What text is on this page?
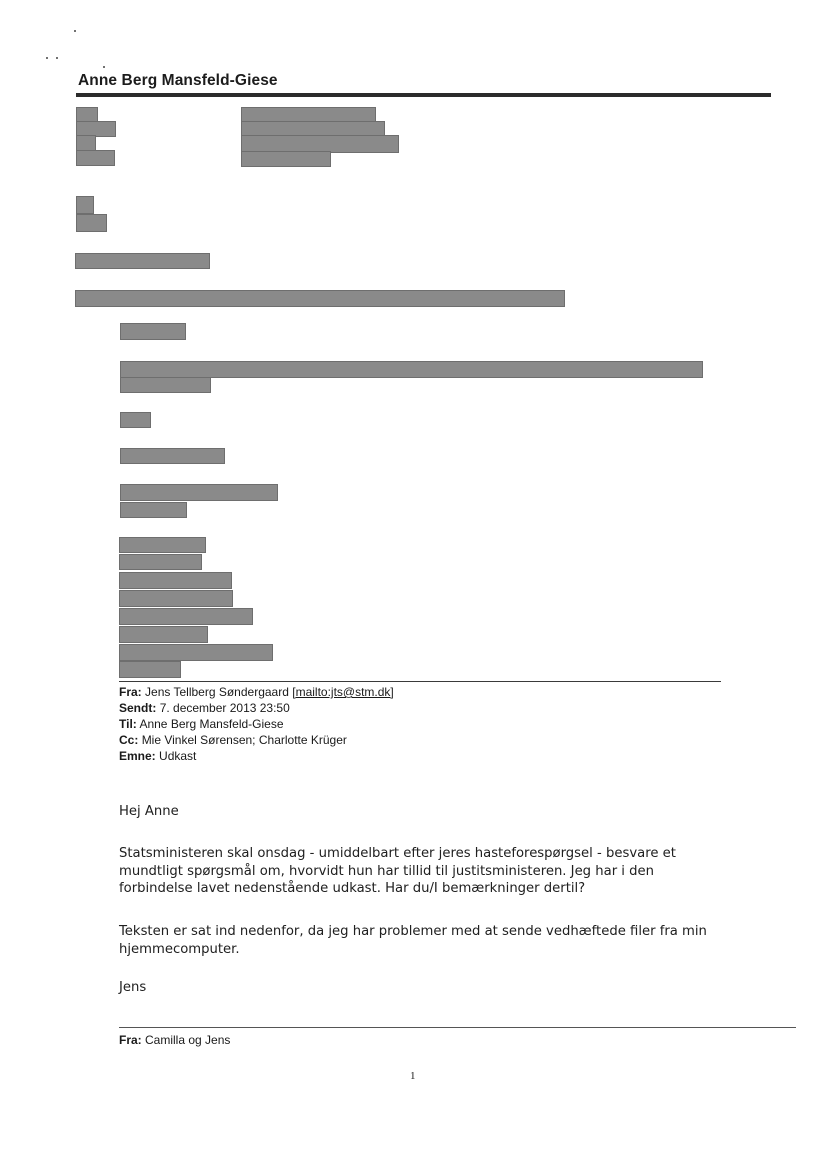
Anne Berg Mansfeld-Giese
Fra: Jens Tellberg Søndergaard [mailto:jts@stm.dk]
Sendt: 7. december 2013 23:50
Til: Anne Berg Mansfeld-Giese
Cc: Mie Vinkel Sørensen; Charlotte Krüger
Emne: Udkast
Hej Anne
Statsministeren skal onsdag - umiddelbart efter jeres hasteforespørgsel - besvare et mundtligt spørgsmål om, hvorvidt hun har tillid til justitsministeren. Jeg har i den forbindelse lavet nedenstående udkast. Har du/I bemærkninger dertil?
Teksten er sat ind nedenfor, da jeg har problemer med at sende vedhæftede filer fra min hjemmecomputer.
Jens
Fra: Camilla og Jens
1
